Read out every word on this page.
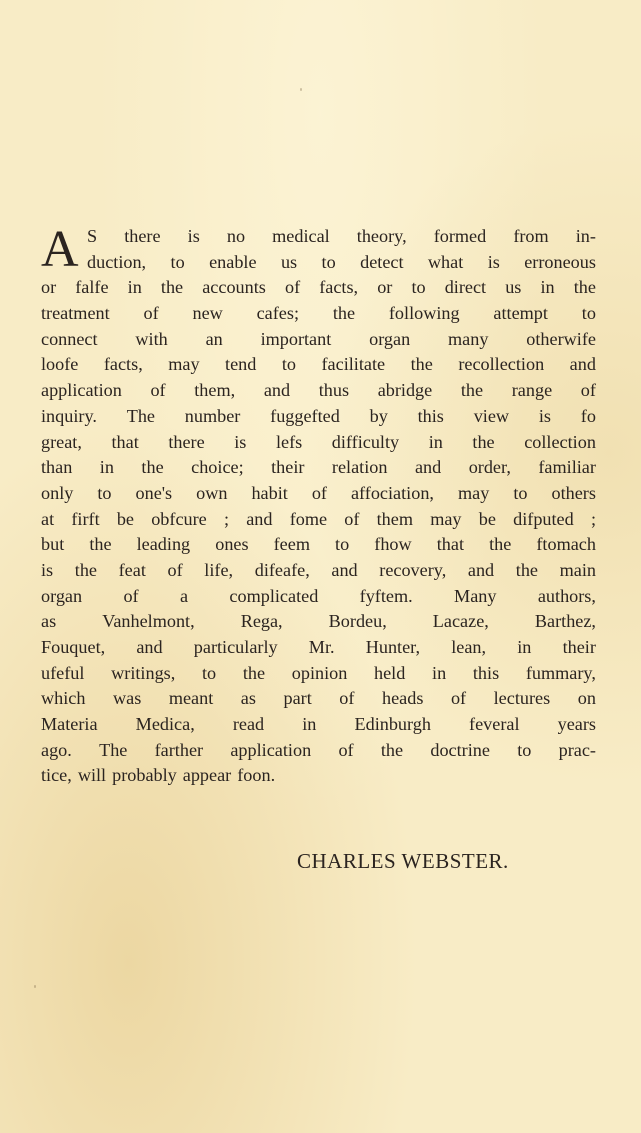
A S there is no medical theory, formed from in-
duction, to enable us to detect what is erroneous
or falfe in the accounts of facts, or to direct us in the
treatment of new cafes; the following attempt to
connect with an important organ many otherwife
loofe facts, may tend to facilitate the recollection and
application of them, and thus abridge the range of
inquiry. The number fuggefted by this view is fo
great, that there is lefs difficulty in the collection
than in the choice; their relation and order, familiar
only to one's own habit of affociation, may to others
at firft be obfcure ; and fome of them may be difputed ;
but the leading ones feem to fhow that the ftomach
is the feat of life, difeafe, and recovery, and the main
organ of a complicated fyftem. Many authors,
as	Vanhelmont,	Rega,	Bordeu,	Lacaze,	Barthez,
Fouquet, and particularly Mr. Hunter, lean, in their
ufeful writings, to the opinion held in this fummary,
which was meant as part of heads of lectures on
Materia Medica, read in Edinburgh feveral years
ago. The farther application of the doctrine to prac-
tice, will probably appear foon.
CHARLES WEBSTER.
